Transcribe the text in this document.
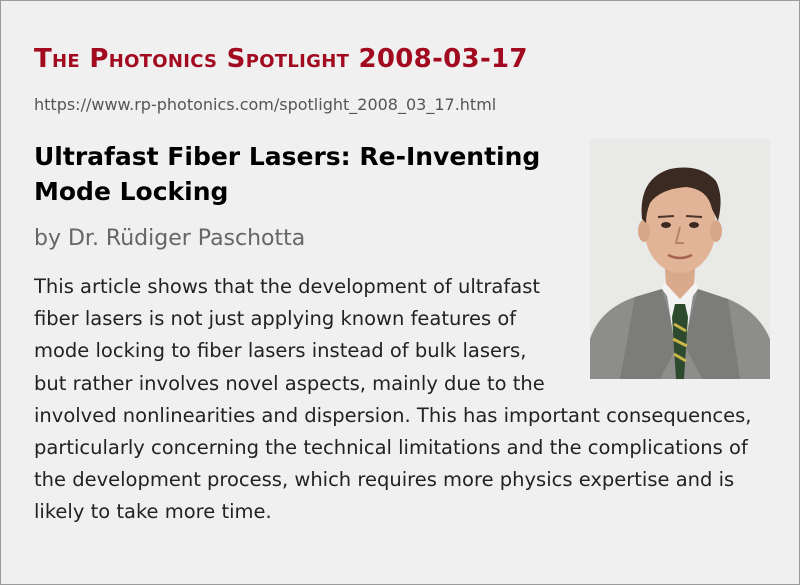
The Photonics Spotlight 2008-03-17
https://www.rp-photonics.com/spotlight_2008_03_17.html
Ultrafast Fiber Lasers: Re-Inventing Mode Locking
by Dr. Rüdiger Paschotta

This article shows that the development of ultrafast fiber lasers is not just applying known features of mode locking to fiber lasers instead of bulk lasers, but rather involves novel aspects, mainly due to the involved nonlinearities and dispersion. This has important consequences, particularly concerning the technical limitations and the complications of the development process, which requires more physics expertise and is likely to take more time.
